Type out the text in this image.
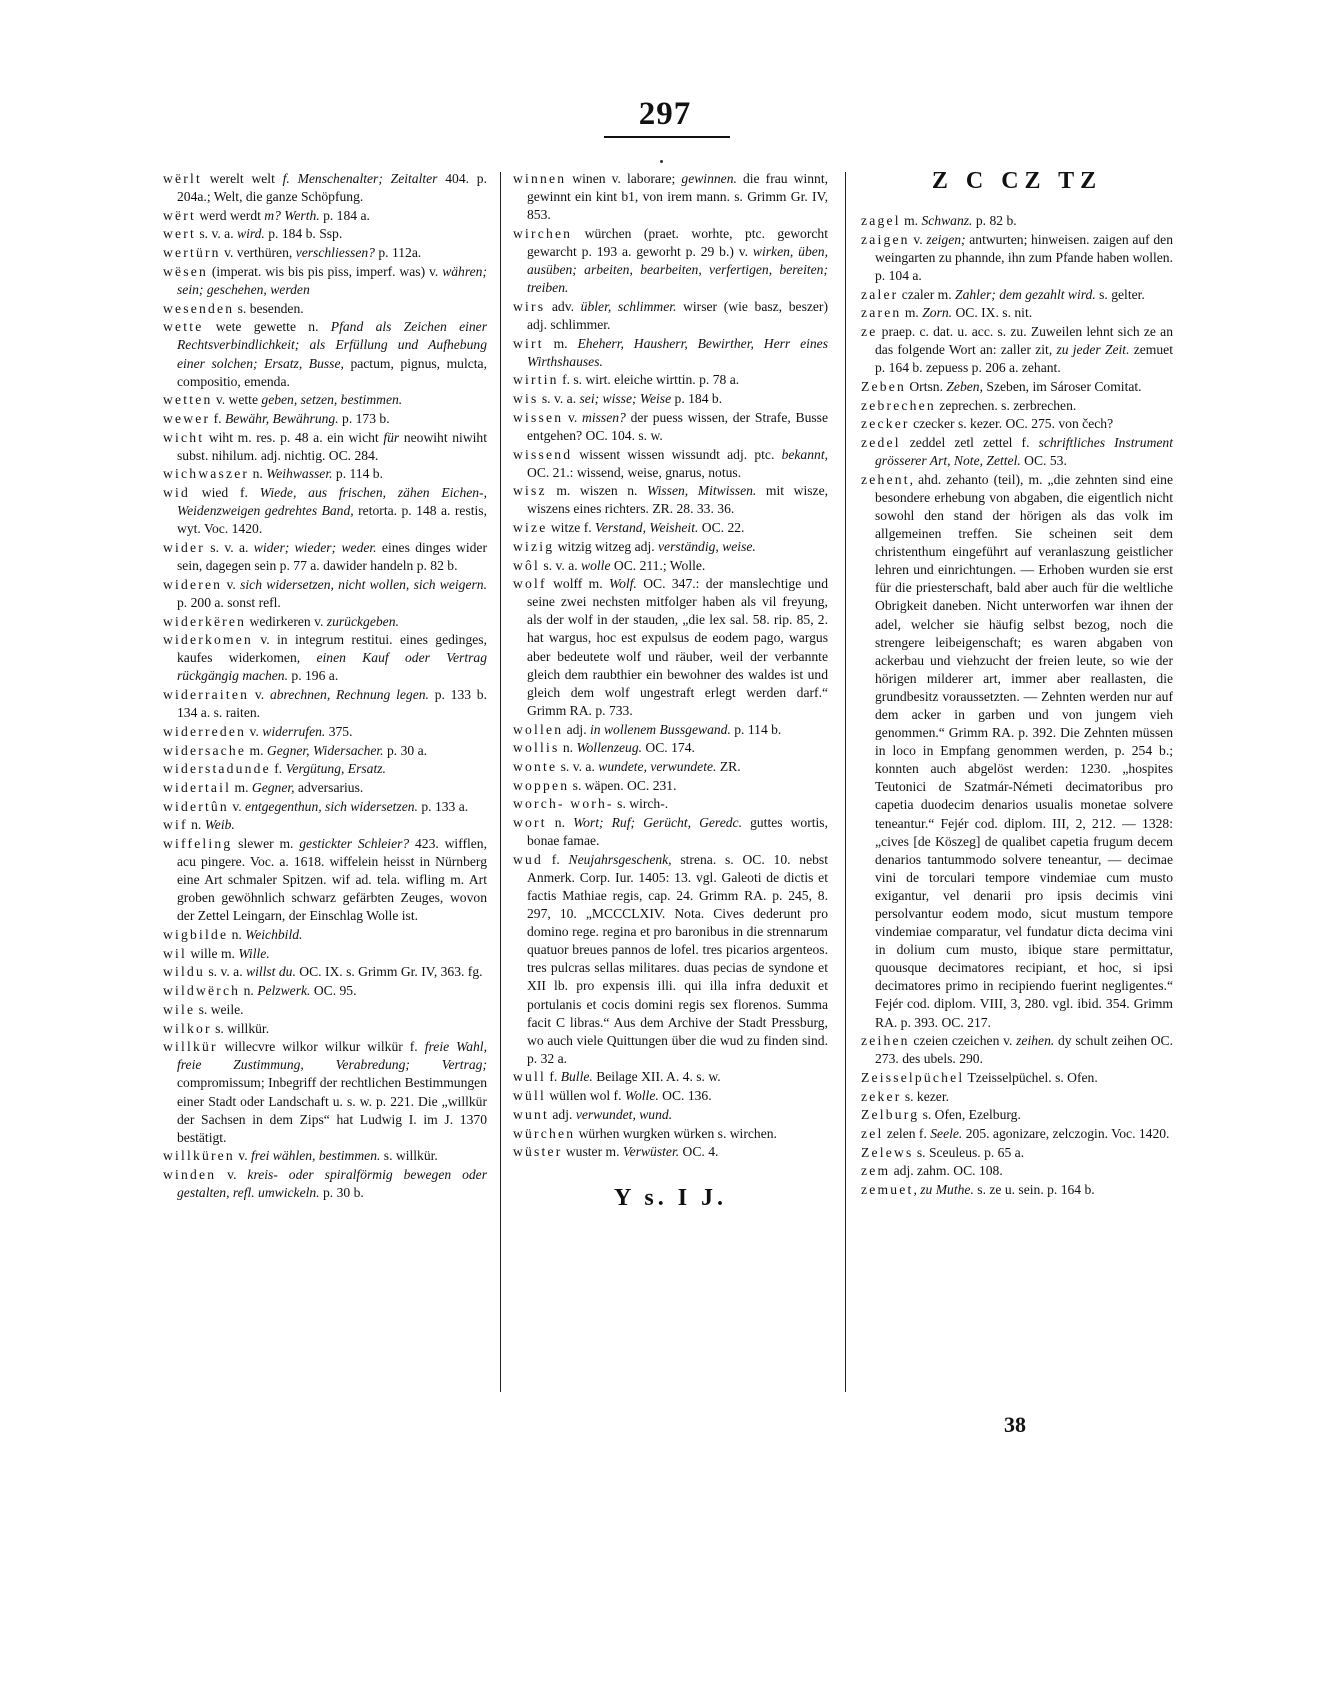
297

wërlt werelt welt f. Menschenalter; Zeitalter 404. p. 204a.; Welt, die ganze Schöpfung.

wërt werd werdt m? Werth. p. 184 a.

wert s. v. a. wird. p. 184 b. Ssp.

wertürn v. verthüren, verschliessen? p. 112a.

wësen (imperat. wis bis pis piss, imperf. was) v. währen; sein; geschehen, werden

wesenden s. besenden.

wette wete gewette n. Pfand als Zeichen einer Rechtsverbindlichkeit; als Erfüllung und Aufhebung einer solchen; Ersatz, Busse, pactum, pignus, mulcta, compositio, emenda.

wetten v. wette geben, setzen, bestimmen.

wewer f. Bewähr, Bewährung. p. 173 b.

wicht wiht m. res. p. 48 a. ein wicht für neowiht niwiht subst. nihilum. adj. nichtig. OC. 284.

wichwaszer n. Weihwasser. p. 114 b.

wid wied f. Wiede, aus frischen, zähen Eichen-, Weidenzweigen gedrehtes Band, retorta. p. 148 a. restis, wyt. Voc. 1420.

wider s. v. a. wider; wieder; weder. eines dinges wider sein, dagegen sein p. 77 a. dawider handeln p. 82 b.

wideren v. sich widersetzen, nicht wollen, sich weigern. p. 200 a. sonst refl.

widerkëren wedirkeren v. zurückgeben.

widerkomen v. in integrum restitui. eines gedinges, kaufes widerkomen, einen Kauf oder Vertrag rückgängig machen. p. 196 a.

widerraiten v. abrechnen, Rechnung legen. p. 133 b. 134 a. s. raiten.

widerreden v. widerrufen. 375.

widersache m. Gegner, Widersacher. p. 30 a.

widerstadunde f. Vergütung, Ersatz.

widertail m. Gegner, adversarius.

widertûn v. entgegenthun, sich widersetzen. p. 133 a.

wif n. Weib.

wiffeling slewer m. gestickter Schleier? 423. wifflen, acu pingere. Voc. a. 1618. wiffelein heisst in Nürnberg eine Art schmaler Spitzen. wif ad. tela. wifling m. Art groben gewöhnlich schwarz gefärbten Zeuges, wovon der Zettel Leingarn, der Einschlag Wolle ist.

wigbilde n. Weichbild.

wil wille m. Wille.

wildu s. v. a. willst du. OC. IX. s. Grimm Gr. IV, 363. fg.

wildwërch n. Pelzwerk. OC. 95.

wile s. weile.

wilkor s. willkür.

willkür willecvre wilkor wilkur wilkür f. freie Wahl, freie Zustimmung, Verabredung; Vertrag; compromissum; Inbegriff der rechtlichen Bestimmungen einer Stadt oder Landschaft u. s. w. p. 221. Die „willkür der Sachsen in dem Zips“ hat Ludwig I. im J. 1370 bestätigt.

willküren v. frei wählen, bestimmen. s. willkür.

winden v. kreis- oder spiralförmig bewegen oder gestalten, refl. umwickeln. p. 30 b.

winnen winen v. laborare; gewinnen. die frau winnt, gewinnt ein kint b1, von irem mann. s. Grimm Gr. IV, 853.

wirchen würchen (praet. worhte, ptc. geworcht gewarcht p. 193 a. geworht p. 29 b.) v. wirken, üben, ausüben; arbeiten, bearbeiten, verfertigen, bereiten; treiben.

wirs adv. übler, schlimmer. wirser (wie basz, beszer) adj. schlimmer.

wirt m. Eheherr, Hausherr, Bewirther, Herr eines Wirthshauses.

wirtin f. s. wirt. eleiche wirttin. p. 78 a.

wis s. v. a. sei; wisse; Weise p. 184 b.

wissen v. missen? der puess wissen, der Strafe, Busse entgehen? OC. 104. s. w.

wissend wissent wissen wissundt adj. ptc. bekannt, OC. 21.: wissend, weise, gnarus, notus.

wisz m. wiszen n. Wissen, Mitwissen. mit wisze, wiszens eines richters. ZR. 28. 33. 36.

wize witze f. Verstand, Weisheit. OC. 22.

wizig witzig witzeg adj. verständig, weise.

wôl s. v. a. wolle OC. 211.; Wolle.

wolf wolff m. Wolf. OC. 347.: der manslechtige und seine zwei nechsten mitfolger haben als vil freyung, als der wolf in der stauden, „die lex sal. 58. rip. 85, 2. hat wargus, hoc est expulsus de eodem pago, wargus aber bedeutete wolf und räuber, weil der verbannte gleich dem raubthier ein bewohner des waldes ist und gleich dem wolf ungestraft erlegt werden darf.“ Grimm RA. p. 733.

wollen adj. in wollenem Bussgewand. p. 114 b.

wollis n. Wollenzeug. OC. 174.

wonte s. v. a. wundete, verwundete. ZR.

woppen s. wäpen. OC. 231.

worch- worh- s. wirch-.

wort n. Wort; Ruf; Gerücht, Geredc. guttes wortis, bonae famae.

wud f. Neujahrsgeschenk, strena. s. OC. 10. nebst Anmerk. Corp. Iur. 1405: 13. vgl. Galeoti de dictis et factis Mathiae regis, cap. 24. Grimm RA. p. 245, 8. 297, 10. „MCCCLXIV. Nota. Cives dederunt pro domino rege. regina et pro baronibus in die strennarum quatuor breues pannos de lofel. tres picarios argenteos. tres pulcras sellas militares. duas pecias de syndone et XII lb. pro expensis illi. qui illa infra deduxit et portulanis et cocis domini regis sex florenos. Summa facit C libras.“ Aus dem Archive der Stadt Pressburg, wo auch viele Quittungen über die wud zu finden sind. p. 32 a.

wull f. Bulle. Beilage XII. A. 4. s. w.

wüll wüllen wol f. Wolle. OC. 136.

wunt adj. verwundet, wund.

würchen würhen wurgken würken s. wirchen.

wüster wuster m. Verwüster. OC. 4.

Y s. I J.
Z C CZ TZ

zagel m. Schwanz. p. 82 b.

zaigen v. zeigen; antwurten; hinweisen. zaigen auf den weingarten zu phannde, ihn zum Pfande haben wollen. p. 104 a.

zaler czaler m. Zahler; dem gezahlt wird. s. gelter.

zaren m. Zorn. OC. IX. s. nit.

ze praep. c. dat. u. acc. s. zu. Zuweilen lehnt sich ze an das folgende Wort an: zaller zit, zu jeder Zeit. zemuet p. 164 b. zepuess p. 206 a. zehant.

Zeben Ortsn. Zeben, Szeben, im Sároser Comitat.

zebrechen zeprechen. s. zerbrechen.

zecker czecker s. kezer. OC. 275. von čech?

zedel zeddel zetl zettel f. schriftliches Instrument grösserer Art, Note, Zettel. OC. 53.

zehent, ahd. zehanto (teil), m. „die zehnten sind eine besondere erhebung von abgaben, die eigentlich nicht sowohl den stand der hörigen als das volk im allgemeinen treffen. Sie scheinen seit dem christenthum eingeführt auf veranlaszung geistlicher lehren und einrichtungen. — Erhoben wurden sie erst für die priesterschaft, bald aber auch für die weltliche Obrigkeit daneben. Nicht unterworfen war ihnen der adel, welcher sie häufig selbst bezog, noch die strengere leibeigenschaft; es waren abgaben von ackerbau und viehzucht der freien leute, so wie der hörigen milderer art, immer aber reallasten, die grundbesitz voraussetzten. — Zehnten werden nur auf dem acker in garben und von jungem vieh genommen.“ Grimm RA. p. 392. Die Zehnten müssen in loco in Empfang genommen werden, p. 254 b.; konnten auch abgelöst werden: 1230. „hospites Teutonici de Szatmár-Németi decimatoribus pro capetia duodecim denarios usualis monetae solvere teneantur.“ Fejér cod. diplom. III, 2, 212. — 1328: „cives [de Köszeg] de qualibet capetia frugum decem denarios tantummodo solvere teneantur, — decimae vini de torculari tempore vindemiae cum musto exigantur, vel denarii pro ipsis decimis vini persolvantur eodem modo, sicut mustum tempore vindemiae comparatur, vel fundatur dicta decima vini in dolium cum musto, ibique stare permittatur, quousque decimatores recipiant, et hoc, si ipsi decimatores primo in recipiendo fuerint negligentes.“ Fejér cod. diplom. VIII, 3, 280. vgl. ibid. 354. Grimm RA. p. 393. OC. 217.

zeihen czeien czeichen v. zeihen. dy schult zeihen OC. 273. des ubels. 290.

Zeisselpüchel Tzeisselpüchel. s. Ofen.

zeker s. kezer.

Zelburg s. Ofen, Ezelburg.

zel zelen f. Seele. 205. agonizare, zelczogin. Voc. 1420.

Zelews s. Sceuleus. p. 65 a.

zem adj. zahm. OC. 108.

zemuet, zu Muthe. s. ze u. sein. p. 164 b.

38
